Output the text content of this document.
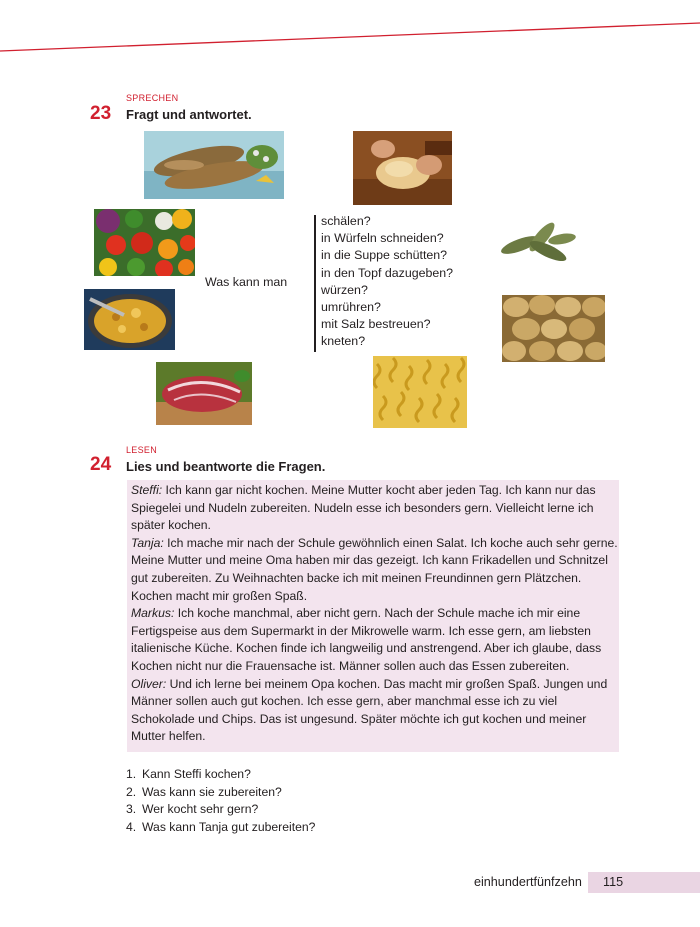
SPRECHEN
23 Fragt und antwortet.
Was kann man
schälen?
in Würfeln schneiden?
in die Suppe schütten?
in den Topf dazugeben?
würzen?
umrühren?
mit Salz bestreuen?
kneten?
LESEN
24 Lies und beantworte die Fragen.

Steffi: Ich kann gar nicht kochen. Meine Mutter kocht aber jeden Tag. Ich kann nur das Spiegelei und Nudeln zubereiten. Nudeln esse ich besonders gern. Vielleicht lerne ich später kochen.

Tanja: Ich mache mir nach der Schule gewöhnlich einen Salat. Ich koche auch sehr gerne. Meine Mutter und meine Oma haben mir das gezeigt. Ich kann Frikadellen und Schnitzel gut zubereiten. Zu Weihnachten backe ich mit meinen Freundinnen gern Plätzchen. Kochen macht mir großen Spaß.

Markus: Ich koche manchmal, aber nicht gern. Nach der Schule mache ich mir eine Fertigspeise aus dem Supermarkt in der Mikrowelle warm. Ich esse gern, am liebsten italienische Küche. Kochen finde ich langweilig und anstrengend. Aber ich glaube, dass Kochen nicht nur die Frauensache ist. Männer sollen auch das Essen zubereiten.

Oliver: Und ich lerne bei meinem Opa kochen. Das macht mir großen Spaß. Jungen und Männer sollen auch gut kochen. Ich esse gern, aber manchmal esse ich zu viel Schokolade und Chips. Das ist ungesund. Später möchte ich gut kochen und meiner Mutter helfen.

1. Kann Steffi kochen?
2. Was kann sie zubereiten?
3. Wer kocht sehr gern?
4. Was kann Tanja gut zubereiten?
einhundertfünfzehn 115
